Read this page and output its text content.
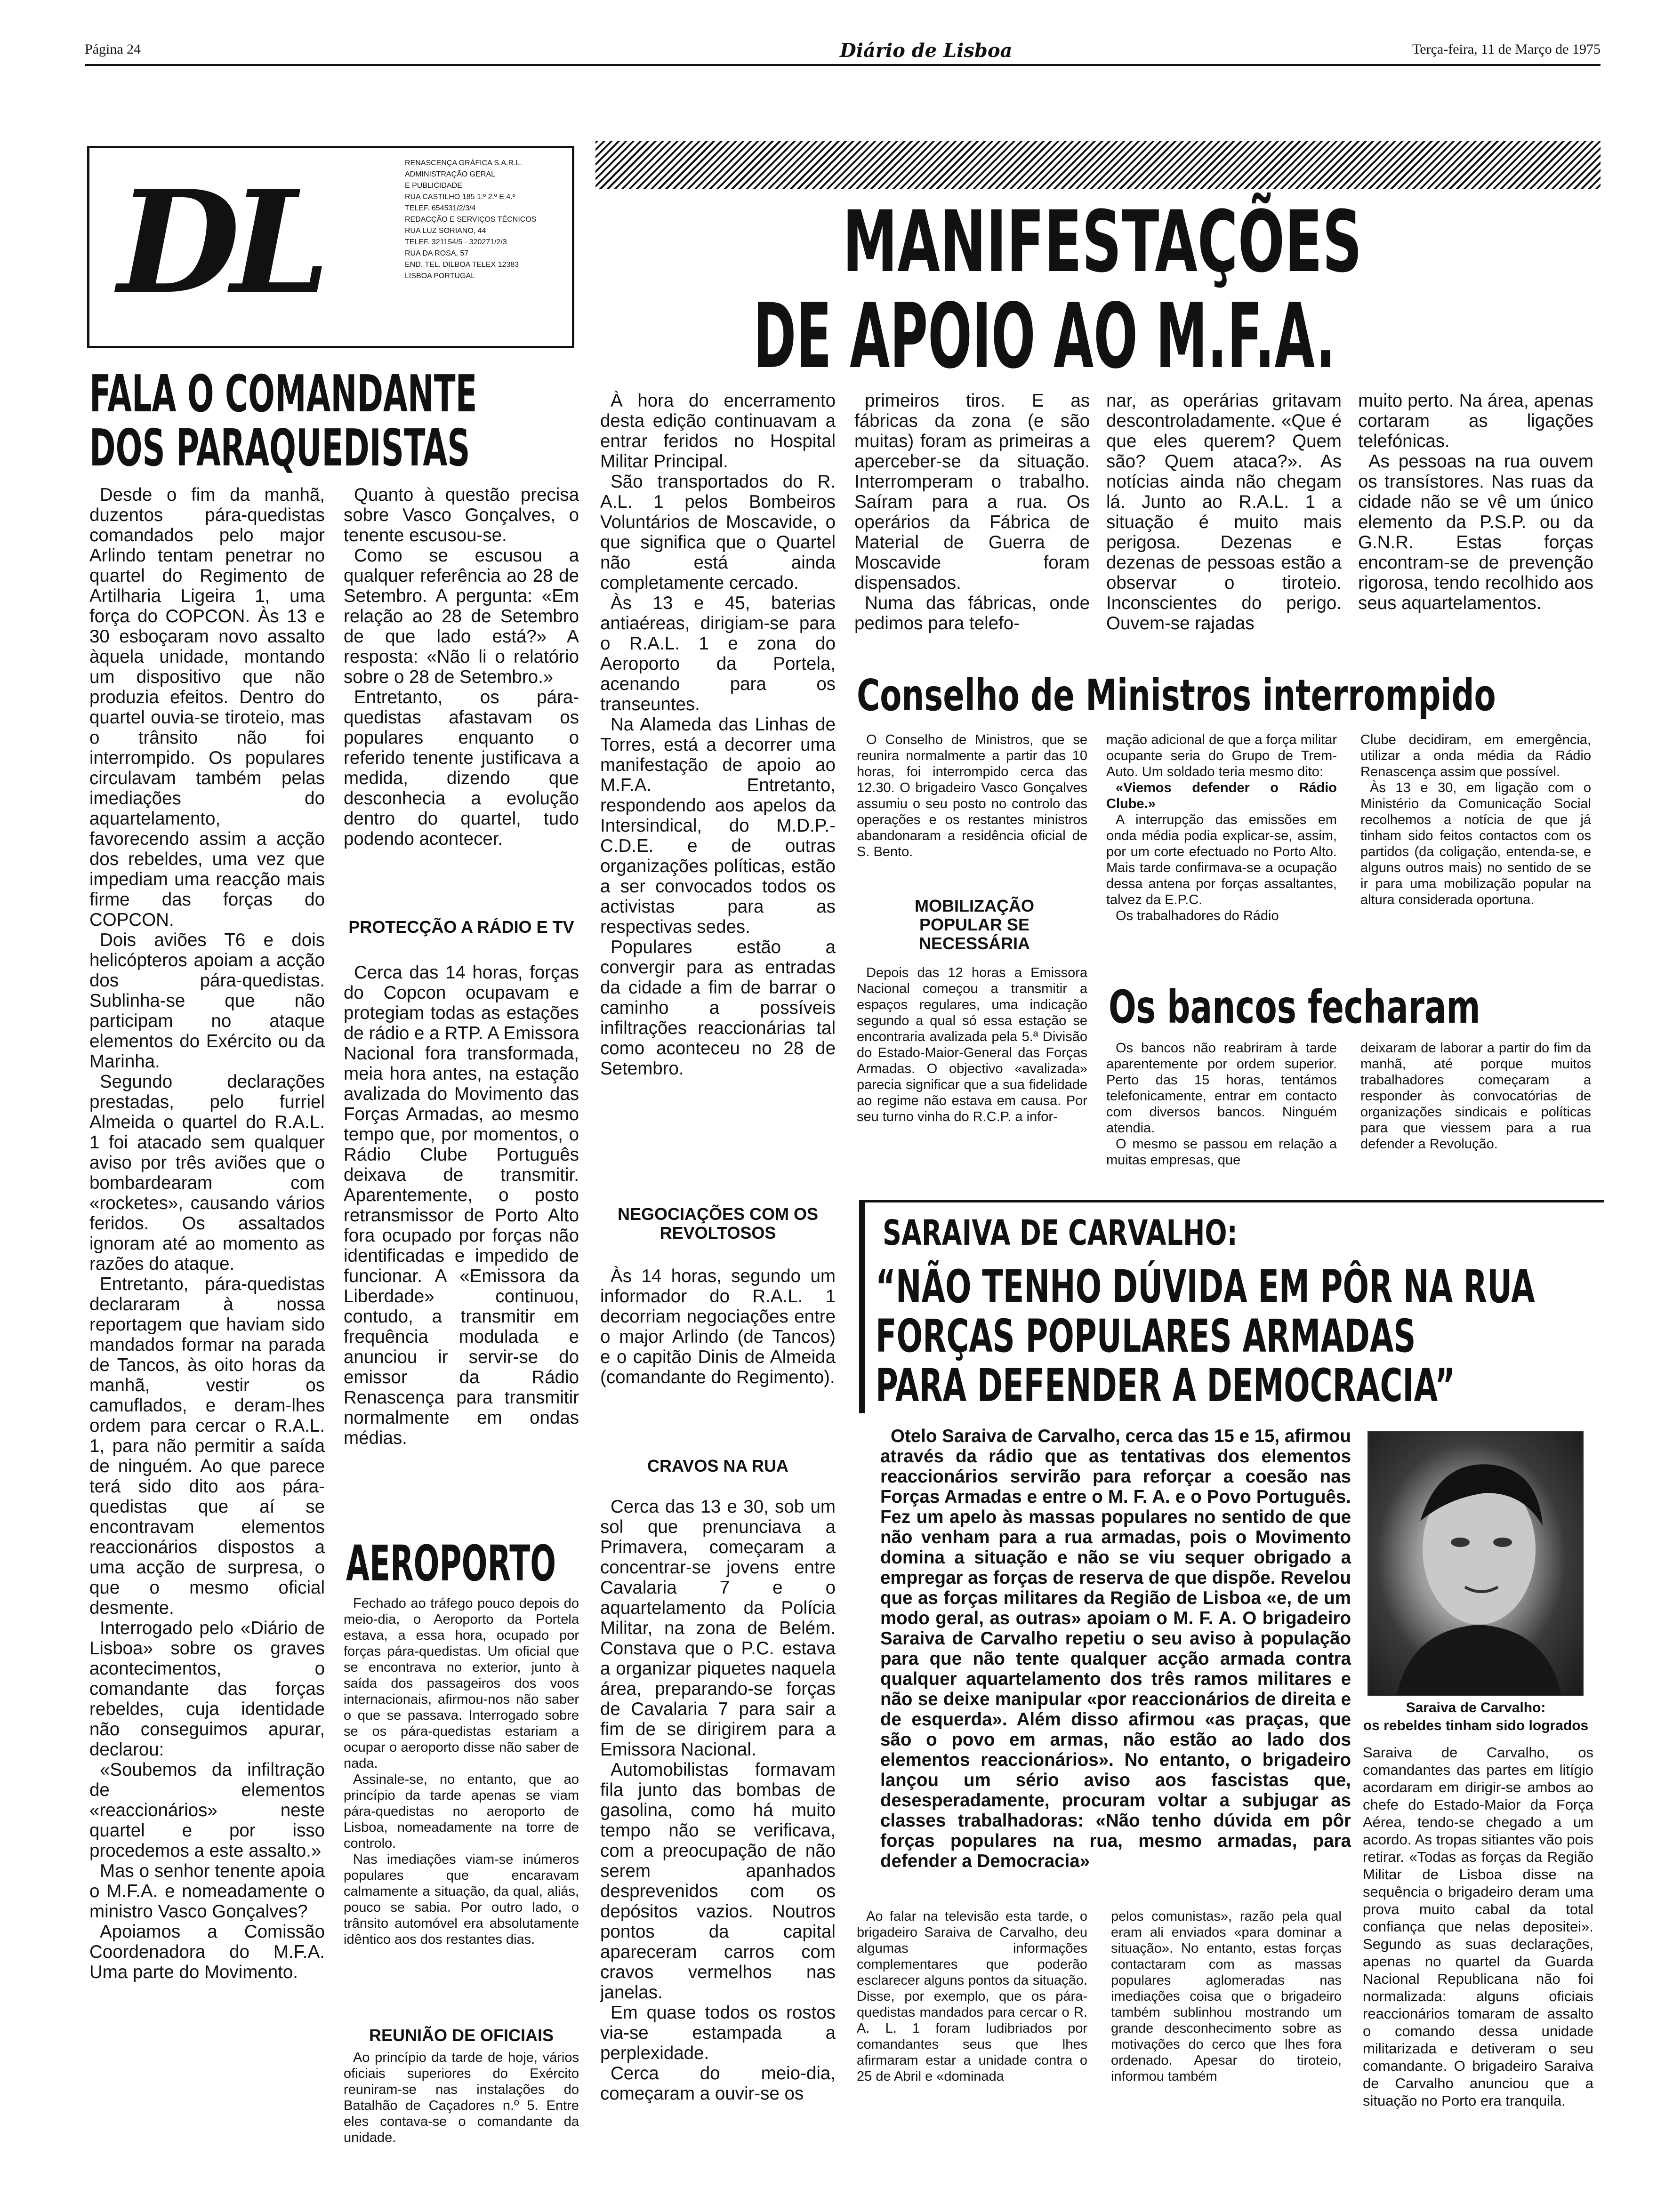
Página 24	Diário de Lisboa	Terça-feira, 11 de Março de 1975
DL	RENASCENÇA GRÁFICA S.A.R.L.
ADMINISTRAÇÃO GERAL
E PUBLICIDADE
RUA CASTILHO 185 1.º 2.º E 4.º
TELEF. 654531/2/3/4
REDACÇÃO E SERVIÇOS TÉCNICOS
RUA LUZ SORIANO, 44
TELEF. 321154/5 · 320271/2/3
RUA DA ROSA, 57
END. TEL. DILBOA TELEX 12383
LISBOA PORTUGAL	MANIFESTAÇÕES
DE APOIO AO M.F.A.
FALA O COMANDANTE
DOS PARAQUEDISTAS

Desde o fim da manhã, duzentos pára-quedistas comandados pelo major Arlindo tentam penetrar no quartel do Regimento de Artilharia Ligeira 1, uma força do COPCON. Às 13 e 30 esboçaram novo assalto àquela unidade, montando um dispositivo que não produzia efeitos. Dentro do quartel ouvia-se tiroteio, mas o trânsito não foi interrompido. Os populares circulavam também pelas imediações do aquartelamento, favorecendo assim a acção dos rebeldes, uma vez que impediam uma reacção mais firme das forças do COPCON.

Dois aviões T6 e dois helicópteros apoiam a acção dos pára-quedistas. Sublinha-se que não participam no ataque elementos do Exército ou da Marinha.

Segundo declarações prestadas, pelo furriel Almeida o quartel do R.A.L. 1 foi atacado sem qualquer aviso por três aviões que o bombardearam com «rocketes», causando vários feridos. Os assaltados ignoram até ao momento as razões do ataque.

Entretanto, pára-quedistas declararam à nossa reportagem que haviam sido mandados formar na parada de Tancos, às oito horas da manhã, vestir os camuflados, e deram-lhes ordem para cercar o R.A.L. 1, para não permitir a saída de ninguém. Ao que parece terá sido dito aos pára-quedistas que aí se encontravam elementos reaccionários dispostos a uma acção de surpresa, o que o mesmo oficial desmente.

Interrogado pelo «Diário de Lisboa» sobre os graves acontecimentos, o comandante das forças rebeldes, cuja identidade não conseguimos apurar, declarou:

«Soubemos da infiltração de elementos «reaccionários» neste quartel e por isso procedemos a este assalto.»

Mas o senhor tenente apoia o M.F.A. e nomeadamente o ministro Vasco Gonçalves?

Apoiamos a Comissão Coordenadora do M.F.A. Uma parte do Movimento.

Quanto à questão precisa sobre Vasco Gonçalves, o tenente escusou-se.

Como se escusou a qualquer referência ao 28 de Setembro. A pergunta: «Em relação ao 28 de Setembro de que lado está?» A resposta: «Não li o relatório sobre o 28 de Setembro.»

Entretanto, os pára-quedistas afastavam os populares enquanto o referido tenente justificava a medida, dizendo que desconhecia a evolução dentro do quartel, tudo podendo acontecer.

PROTECÇÃO A RÁDIO E TV

Cerca das 14 horas, forças do Copcon ocupavam e protegiam todas as estações de rádio e a RTP. A Emissora Nacional fora transformada, meia hora antes, na estação avalizada do Movimento das Forças Armadas, ao mesmo tempo que, por momentos, o Rádio Clube Português deixava de transmitir. Aparentemente, o posto retransmissor de Porto Alto fora ocupado por forças não identificadas e impedido de funcionar. A «Emissora da Liberdade» continuou, contudo, a transmitir em frequência modulada e anunciou ir servir-se do emissor da Rádio Renascença para transmitir normalmente em ondas médias.

AEROPORTO

Fechado ao tráfego pouco depois do meio-dia, o Aeroporto da Portela estava, a essa hora, ocupado por forças pára-quedistas. Um oficial que se encontrava no exterior, junto à saída dos passageiros dos voos internacionais, afirmou-nos não saber o que se passava. Interrogado sobre se os pára-quedistas estariam a ocupar o aeroporto disse não saber de nada.

Assinale-se, no entanto, que ao princípio da tarde apenas se viam pára-quedistas no aeroporto de Lisboa, nomeadamente na torre de controlo.

Nas imediações viam-se inúmeros populares que encaravam calmamente a situação, da qual, aliás, pouco se sabia. Por outro lado, o trânsito automóvel era absolutamente idêntico aos dos restantes dias.

REUNIÃO DE OFICIAIS

Ao princípio da tarde de hoje, vários oficiais superiores do Exército reuniram-se nas instalações do Batalhão de Caçadores n.º 5. Entre eles contava-se o comandante da unidade.

À hora do encerramento desta edição continuavam a entrar feridos no Hospital Militar Principal.

São transportados do R. A.L. 1 pelos Bombeiros Voluntários de Moscavide, o que significa que o Quartel não está ainda completamente cercado.

Às 13 e 45, baterias antiaéreas, dirigiam-se para o R.A.L. 1 e zona do Aeroporto da Portela, acenando para os transeuntes.

Na Alameda das Linhas de Torres, está a decorrer uma manifestação de apoio ao M.F.A. Entretanto, respondendo aos apelos da Intersindical, do M.D.P.-C.D.E. e de outras organizações políticas, estão a ser convocados todos os activistas para as respectivas sedes.

Populares estão a convergir para as entradas da cidade a fim de barrar o caminho a possíveis infiltrações reaccionárias tal como aconteceu no 28 de Setembro.

NEGOCIAÇÕES COM OS REVOLTOSOS

Às 14 horas, segundo um informador do R.A.L. 1 decorriam negociações entre o major Arlindo (de Tancos) e o capitão Dinis de Almeida (comandante do Regimento).

CRAVOS NA RUA

Cerca das 13 e 30, sob um sol que prenunciava a Primavera, começaram a concentrar-se jovens entre Cavalaria 7 e o aquartelamento da Polícia Militar, na zona de Belém. Constava que o P.C. estava a organizar piquetes naquela área, preparando-se forças de Cavalaria 7 para sair a fim de se dirigirem para a Emissora Nacional.

Automobilistas formavam fila junto das bombas de gasolina, como há muito tempo não se verificava, com a preocupação de não serem apanhados desprevenidos com os depósitos vazios. Noutros pontos da capital apareceram carros com cravos vermelhos nas janelas.

Em quase todos os rostos via-se estampada a perplexidade.

Cerca do meio-dia, começaram a ouvir-se os

primeiros tiros. E as fábricas da zona (e são muitas) foram as primeiras a aperceber-se da situação. Interromperam o trabalho. Saíram para a rua. Os operários da Fábrica de Material de Guerra de Moscavide foram dispensados.

Numa das fábricas, onde pedimos para telefo-

nar, as operárias gritavam descontroladamente. «Que é que eles querem? Quem são? Quem ataca?». As notícias ainda não chegam lá. Junto ao R.A.L. 1 a situação é muito mais perigosa. Dezenas e dezenas de pessoas estão a observar o tiroteio. Inconscientes do perigo. Ouvem-se rajadas

muito perto. Na área, apenas cortaram as ligações telefónicas.

As pessoas na rua ouvem os transístores. Nas ruas da cidade não se vê um único elemento da P.S.P. ou da G.N.R. Estas forças encontram-se de prevenção rigorosa, tendo recolhido aos seus aquartelamentos.

Conselho de Ministros interrompido

O Conselho de Ministros, que se reunira normalmente a partir das 10 horas, foi interrompido cerca das 12.30. O brigadeiro Vasco Gonçalves assumiu o seu posto no controlo das operações e os restantes ministros abandonaram a residência oficial de S. Bento.

MOBILIZAÇÃO POPULAR SE NECESSÁRIA

Depois das 12 horas a Emissora Nacional começou a transmitir a espaços regulares, uma indicação segundo a qual só essa estação se encontraria avalizada pela 5.ª Divisão do Estado-Maior-General das Forças Armadas. O objectivo «avalizada» parecia significar que a sua fidelidade ao regime não estava em causa. Por seu turno vinha do R.C.P. a infor-

mação adicional de que a força militar ocupante seria do Grupo de Trem-Auto. Um soldado teria mesmo dito:

«Viemos defender o Rádio Clube.»

A interrupção das emissões em onda média podia explicar-se, assim, por um corte efectuado no Porto Alto. Mais tarde confirmava-se a ocupação dessa antena por forças assaltantes, talvez da E.P.C.

Os trabalhadores do Rádio

Clube decidiram, em emergência, utilizar a onda média da Rádio Renascença assim que possível.

Às 13 e 30, em ligação com o Ministério da Comunicação Social recolhemos a notícia de que já tinham sido feitos contactos com os partidos (da coligação, entenda-se, e alguns outros mais) no sentido de se ir para uma mobilização popular na altura considerada oportuna.

Os bancos fecharam

Os bancos não reabriram à tarde aparentemente por ordem superior. Perto das 15 horas, tentámos telefonicamente, entrar em contacto com diversos bancos. Ninguém atendia.

O mesmo se passou em relação a muitas empresas, que

deixaram de laborar a partir do fim da manhã, até porque muitos trabalhadores começaram a responder às convocatórias de organizações sindicais e políticas para que viessem para a rua defender a Revolução.

SARAIVA DE CARVALHO:
“NÃO TENHO DÚVIDA EM PÔR NA RUA
FORÇAS POPULARES ARMADAS
PARA DEFENDER A DEMOCRACIA”

Otelo Saraiva de Carvalho, cerca das 15 e 15, afirmou através da rádio que as tentativas dos elementos reaccionários servirão para reforçar a coesão nas Forças Armadas e entre o M. F. A. e o Povo Português. Fez um apelo às massas populares no sentido de que não venham para a rua armadas, pois o Movimento domina a situação e não se viu sequer obrigado a empregar as forças de reserva de que dispõe. Revelou que as forças militares da Região de Lisboa «e, de um modo geral, as outras» apoiam o M. F. A. O brigadeiro Saraiva de Carvalho repetiu o seu aviso à população para que não tente qualquer acção armada contra qualquer aquartelamento dos três ramos militares e não se deixe manipular «por reaccionários de direita e de esquerda». Além disso afirmou «as praças, que são o povo em armas, não estão ao lado dos elementos reaccionários». No entanto, o brigadeiro lançou um sério aviso aos fascistas que, desesperadamente, procuram voltar a subjugar as classes trabalhadoras: «Não tenho dúvida em pôr forças populares na rua, mesmo armadas, para defender a Democracia»

Saraiva de Carvalho:
os rebeldes tinham sido logrados

Ao falar na televisão esta tarde, o brigadeiro Saraiva de Carvalho, deu algumas informações complementares que poderão esclarecer alguns pontos da situação. Disse, por exemplo, que os pára-quedistas mandados para cercar o R. A. L. 1 foram ludibriados por comandantes seus que lhes afirmaram estar a unidade contra o 25 de Abril e «dominada

pelos comunistas», razão pela qual eram ali enviados «para dominar a situação». No entanto, estas forças contactaram com as massas populares aglomeradas nas imediações coisa que o brigadeiro também sublinhou mostrando um grande desconhecimento sobre as motivações do cerco que lhes fora ordenado. Apesar do tiroteio, informou também

Saraiva de Carvalho, os comandantes das partes em litígio acordaram em dirigir-se ambos ao chefe do Estado-Maior da Força Aérea, tendo-se chegado a um acordo. As tropas sitiantes vão pois retirar. «Todas as forças da Região Militar de Lisboa disse na sequência o brigadeiro deram uma prova muito cabal da total confiança que nelas depositei». Segundo as suas declarações, apenas no quartel da Guarda Nacional Republicana não foi normalizada: alguns oficiais reaccionários tomaram de assalto o comando dessa unidade militarizada e detiveram o seu comandante. O brigadeiro Saraiva de Carvalho anunciou que a situação no Porto era tranquila.
